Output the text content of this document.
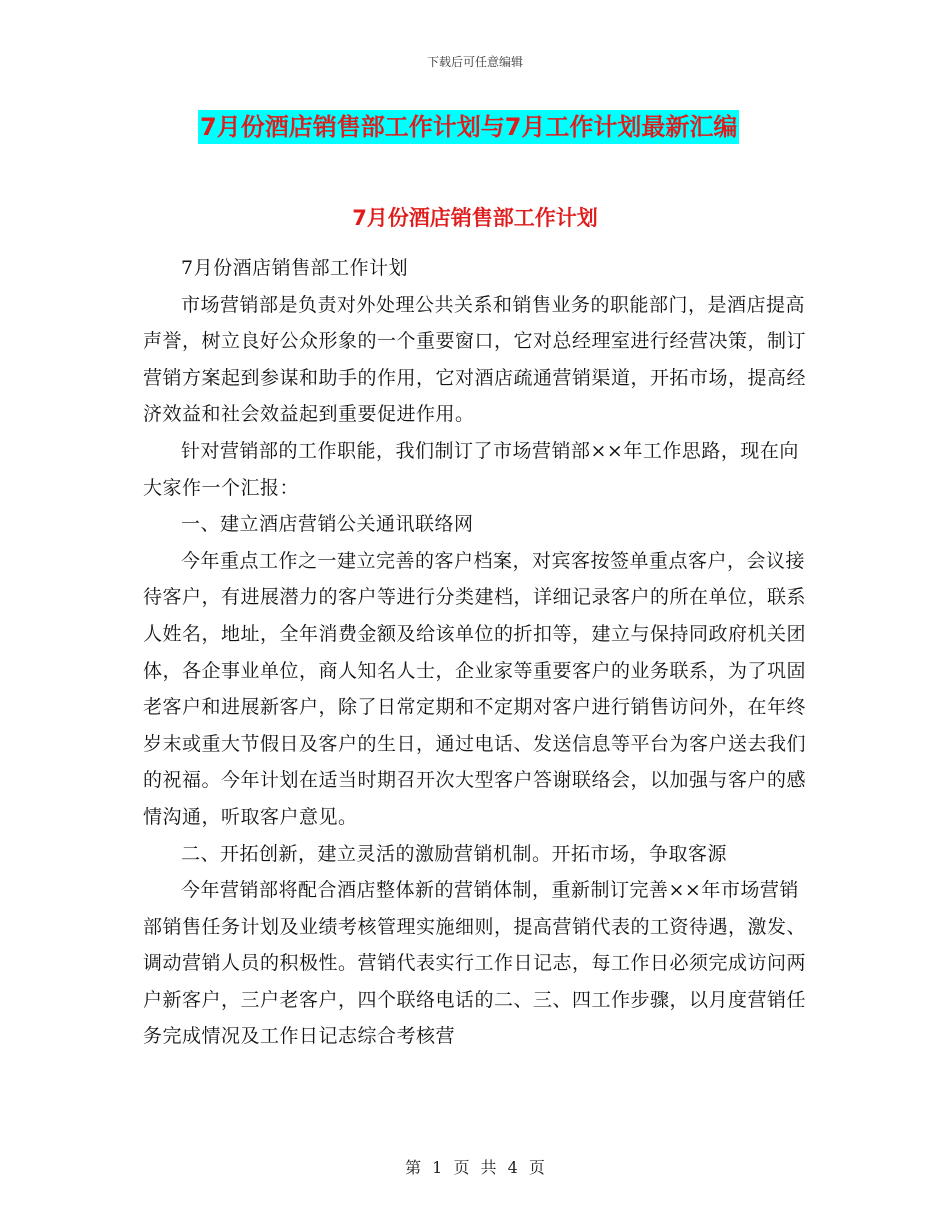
下载后可任意编辑
7月份酒店销售部工作计划与7月工作计划最新汇编
7月份酒店销售部工作计划

7月份酒店销售部工作计划

市场营销部是负责对外处理公共关系和销售业务的职能部门，是酒店提高声誉，树立良好公众形象的一个重要窗口，它对总经理室进行经营决策，制订营销方案起到参谋和助手的作用，它对酒店疏通营销渠道，开拓市场，提高经济效益和社会效益起到重要促进作用。

针对营销部的工作职能，我们制订了市场营销部××年工作思路，现在向大家作一个汇报：

一、建立酒店营销公关通讯联络网

今年重点工作之一建立完善的客户档案，对宾客按签单重点客户，会议接待客户，有进展潜力的客户等进行分类建档，详细记录客户的所在单位，联系人姓名，地址，全年消费金额及给该单位的折扣等，建立与保持同政府机关团体，各企事业单位，商人知名人士，企业家等重要客户的业务联系，为了巩固老客户和进展新客户，除了日常定期和不定期对客户进行销售访问外，在年终岁末或重大节假日及客户的生日，通过电话、发送信息等平台为客户送去我们的祝福。今年计划在适当时期召开次大型客户答谢联络会，以加强与客户的感情沟通，听取客户意见。

二、开拓创新，建立灵活的激励营销机制。开拓市场，争取客源

今年营销部将配合酒店整体新的营销体制，重新制订完善××年市场营销部销售任务计划及业绩考核管理实施细则，提高营销代表的工资待遇，激发、调动营销人员的积极性。营销代表实行工作日记志，每工作日必须完成访问两户新客户，三户老客户，四个联络电话的二、三、四工作步骤，以月度营销任务完成情况及工作日记志综合考核营

第 1 页 共 4 页
